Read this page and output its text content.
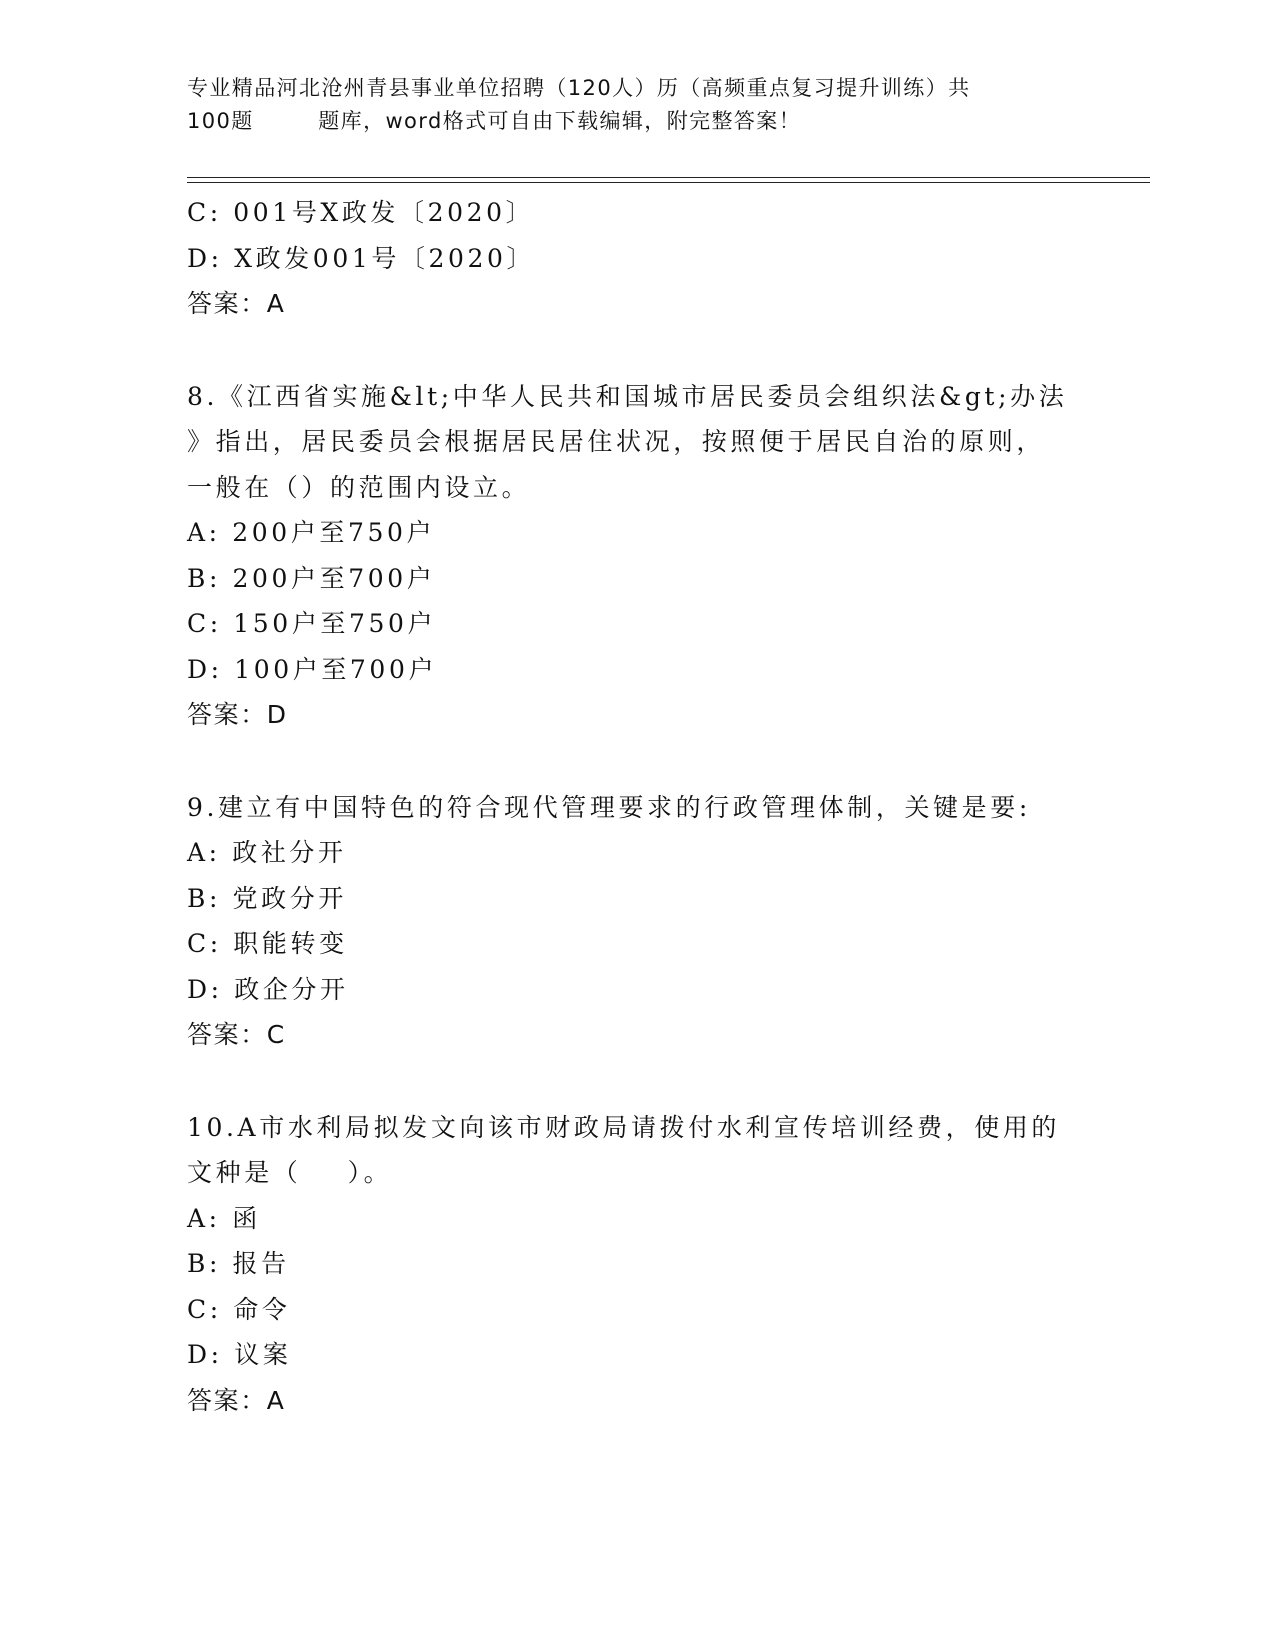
专业精品河北沧州青县事业单位招聘（120人）历（高频重点复习提升训练）共
100题        题库，word格式可自由下载编辑，附完整答案！
C: 001号X政发〔2020〕
D: X政发001号〔2020〕
答案：A
8.《江西省实施&lt;中华人民共和国城市居民委员会组织法&gt;办法
》指出，居民委员会根据居民居住状况，按照便于居民自治的原则，
一般在（）的范围内设立。
A: 200户至750户
B: 200户至700户
C: 150户至750户
D: 100户至700户
答案：D
9.建立有中国特色的符合现代管理要求的行政管理体制，关键是要:
A: 政社分开
B: 党政分开
C: 职能转变
D: 政企分开
答案：C
10.A市水利局拟发文向该市财政局请拨付水利宣传培训经费，使用的
文种是（    ）。
A: 函
B: 报告
C: 命令
D: 议案
答案：A
